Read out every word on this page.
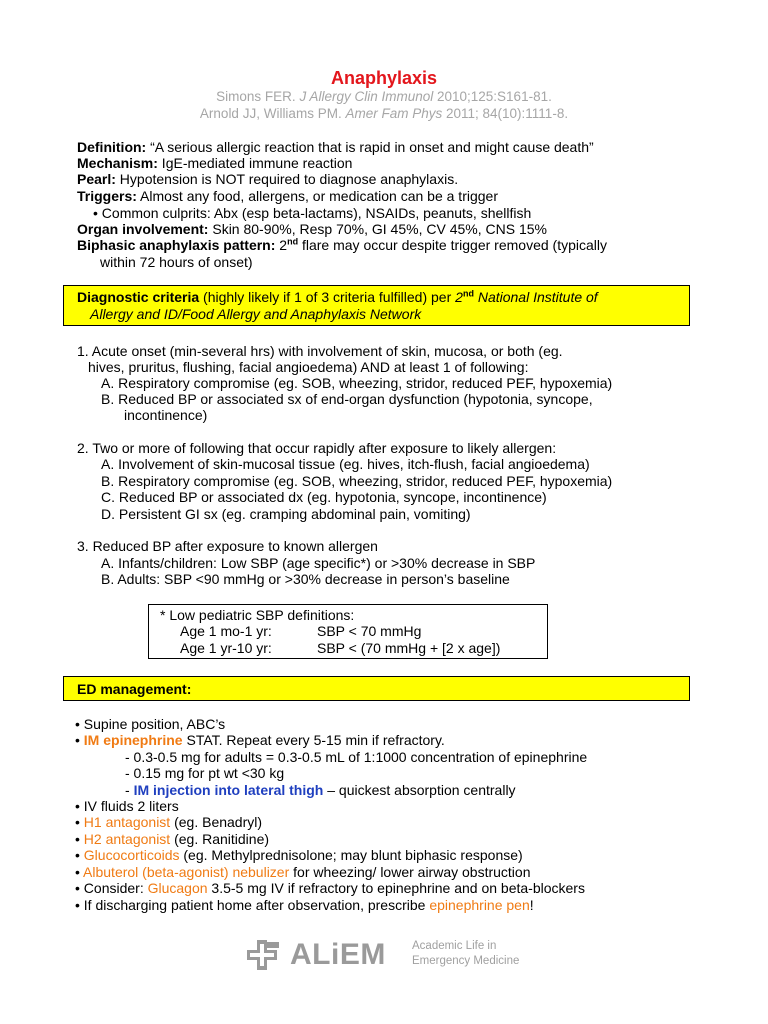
Anaphylaxis
Simons FER. J Allergy Clin Immunol 2010;125:S161-81.
Arnold JJ, Williams PM. Amer Fam Phys 2011; 84(10):1111-8.
Definition: “A serious allergic reaction that is rapid in onset and might cause death”
Mechanism: IgE-mediated immune reaction
Pearl: Hypotension is NOT required to diagnose anaphylaxis.
Triggers: Almost any food, allergens, or medication can be a trigger
• Common culprits: Abx (esp beta-lactams), NSAIDs, peanuts, shellfish
Organ involvement: Skin 80-90%, Resp 70%, GI 45%, CV 45%, CNS 15%
Biphasic anaphylaxis pattern: 2nd flare may occur despite trigger removed (typically
within 72 hours of onset)
Diagnostic criteria (highly likely if 1 of 3 criteria fulfilled) per 2nd National Institute of
Allergy and ID/Food Allergy and Anaphylaxis Network
1. Acute onset (min-several hrs) with involvement of skin, mucosa, or both (eg.
hives, pruritus, flushing, facial angioedema) AND at least 1 of following:
A. Respiratory compromise (eg. SOB, wheezing, stridor, reduced PEF, hypoxemia)
B. Reduced BP or associated sx of end-organ dysfunction (hypotonia, syncope,
incontinence)
2. Two or more of following that occur rapidly after exposure to likely allergen:
A. Involvement of skin-mucosal tissue (eg. hives, itch-flush, facial angioedema)
B. Respiratory compromise (eg. SOB, wheezing, stridor, reduced PEF, hypoxemia)
C. Reduced BP or associated dx (eg. hypotonia, syncope, incontinence)
D. Persistent GI sx (eg. cramping abdominal pain, vomiting)
3. Reduced BP after exposure to known allergen
A. Infants/children: Low SBP (age specific*) or >30% decrease in SBP
B. Adults: SBP <90 mmHg or >30% decrease in person’s baseline
* Low pediatric SBP definitions:
Age 1 mo-1 yr:	SBP < 70 mmHg
Age 1 yr-10 yr:	SBP < (70 mmHg + [2 x age])
ED management:
• Supine position, ABC’s
• IM epinephrine STAT. Repeat every 5-15 min if refractory.
- 0.3-0.5 mg for adults = 0.3-0.5 mL of 1:1000 concentration of epinephrine
- 0.15 mg for pt wt <30 kg
- IM injection into lateral thigh – quickest absorption centrally
• IV fluids 2 liters
• H1 antagonist (eg. Benadryl)
• H2 antagonist (eg. Ranitidine)
• Glucocorticoids (eg. Methylprednisolone; may blunt biphasic response)
• Albuterol (beta-agonist) nebulizer for wheezing/ lower airway obstruction
• Consider: Glucagon 3.5-5 mg IV if refractory to epinephrine and on beta-blockers
• If discharging patient home after observation, prescribe epinephrine pen!
ALiEM Academic Life in
Emergency Medicine
